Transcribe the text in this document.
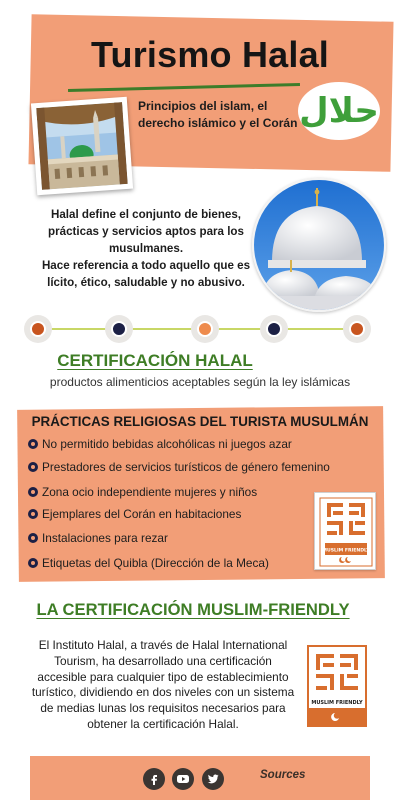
Turismo Halal
Principios del islam, el derecho islámico y el Corán حلال
Halal define el conjunto de bienes, prácticas y servicios aptos para los musulmanes.
Hace referencia a todo aquello que es lícito, ético, saludable y no abusivo.
CERTIFICACIÓN HALAL
productos alimenticios aceptables según la ley islámicas
PRÁCTICAS RELIGIOSAS DEL TURISTA MUSULMÁN
No permitido bebidas alcohólicas ni juegos azar
Prestadores de servicios turísticos de género femenino
Zona ocio independiente mujeres y niños
Ejemplares del Corán en habitaciones
Instalaciones para rezar
Etiquetas del Quibla (Dirección de la Meca)
MUSLIM FRIENDLY
LA CERTIFICACIÓN MUSLIM-FRIENDLY
El Instituto Halal, a través de Halal International Tourism, ha desarrollado una certificación accesible para cualquier tipo de establecimiento turístico, dividiendo en dos niveles con un sistema de medias lunas los requisitos necesarios para obtener la certificación Halal.
MUSLIM FRIENDLY
Sources
